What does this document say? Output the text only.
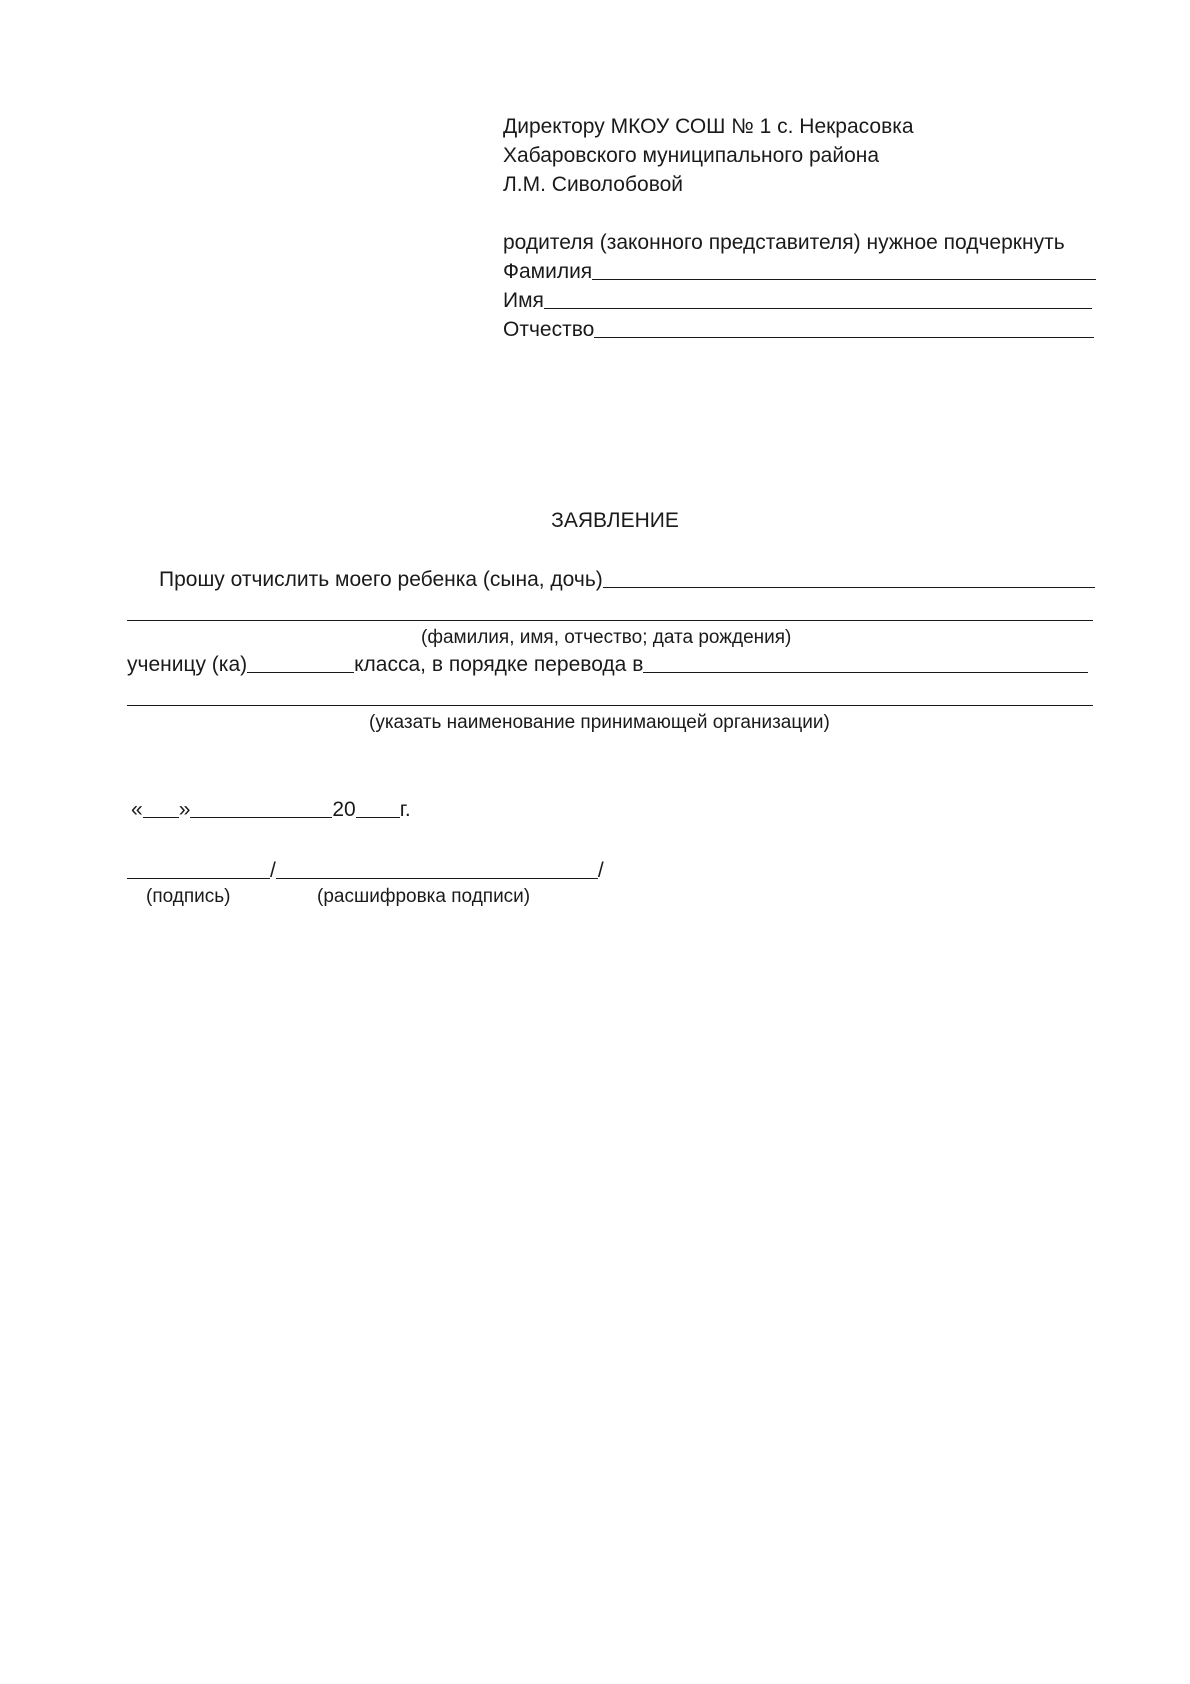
Директору МКОУ СОШ № 1 с. Некрасовка
Хабаровского муниципального района
Л.М. Сиволобовой
родителя (законного представителя) нужное подчеркнуть
Фамилия
Имя
Отчество
ЗАЯВЛЕНИЕ
Прошу отчислить моего ребенка (сына, дочь)
(фамилия, имя, отчество; дата рождения)
ученицу (ка)	класса, в порядке перевода в
(указать наименование принимающей организации)
« »	20 г.
/	/
(подпись)	(расшифровка подписи)
